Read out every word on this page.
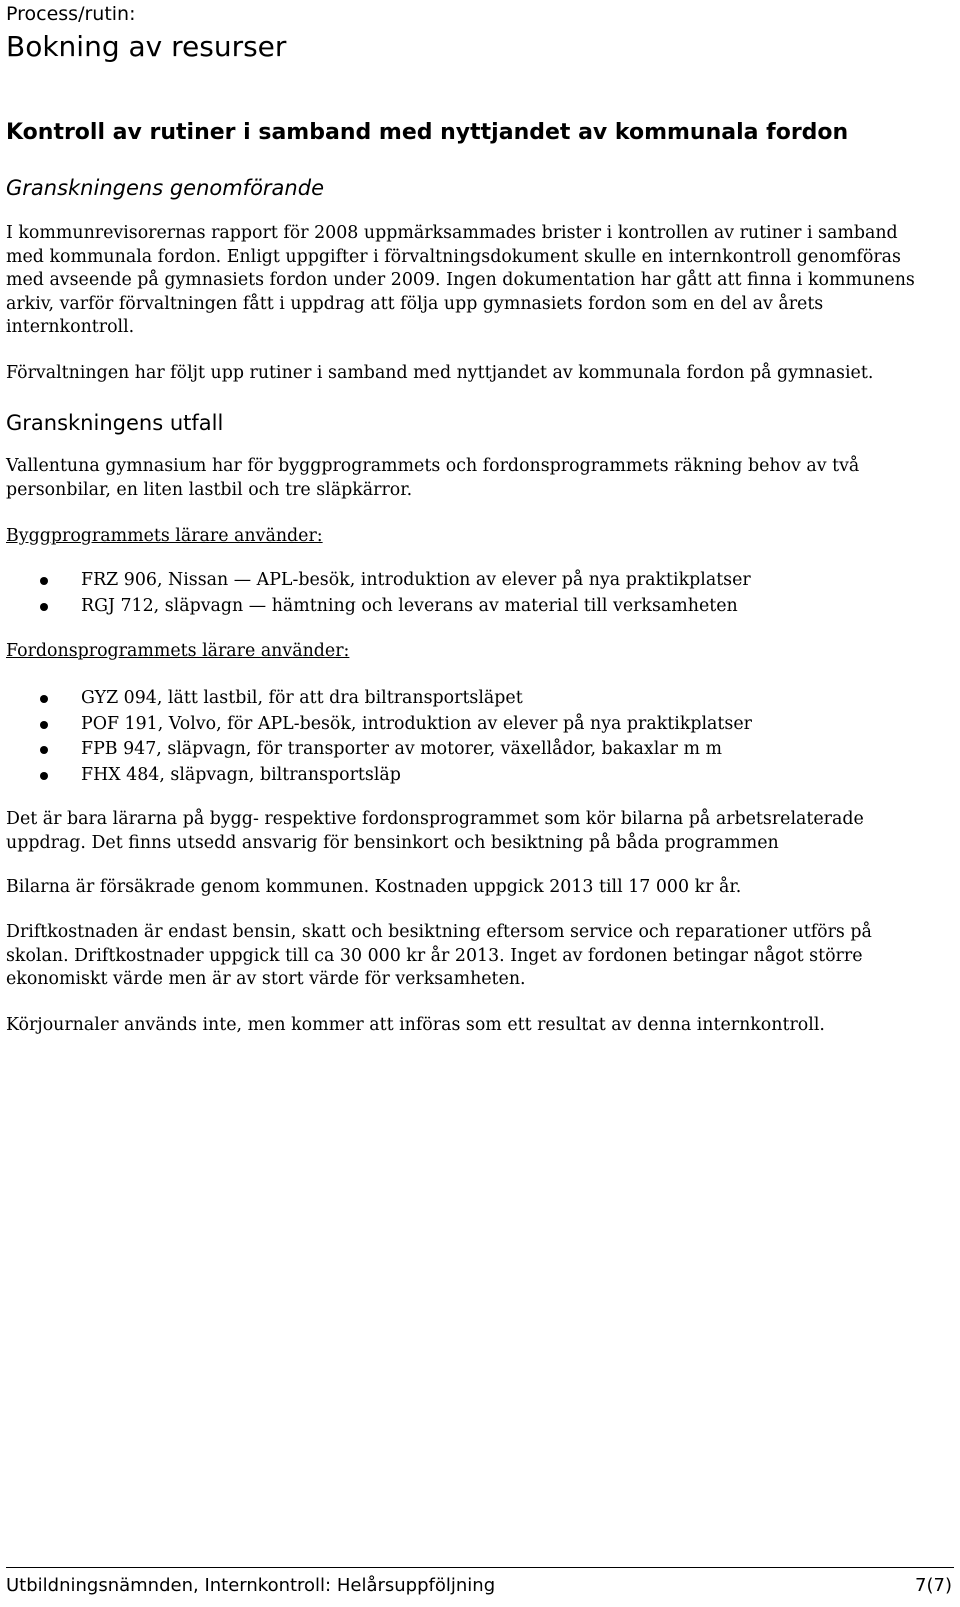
Process/rutin:
Bokning av resurser
Kontroll av rutiner i samband med nyttjandet av kommunala fordon
Granskningens genomförande

I kommunrevisorernas rapport för 2008 uppmärksammades brister i kontrollen av rutiner i samband med kommunala fordon. Enligt uppgifter i förvaltningsdokument skulle en internkontroll genomföras med avseende på gymnasiets fordon under 2009. Ingen dokumentation har gått att finna i kommunens arkiv, varför förvaltningen fått i uppdrag att följa upp gymnasiets fordon som en del av årets internkontroll.

Förvaltningen har följt upp rutiner i samband med nyttjandet av kommunala fordon på gymnasiet.

Granskningens utfall

Vallentuna gymnasium har för byggprogrammets och fordonsprogrammets räkning behov av två personbilar, en liten lastbil och tre släpkärror.

Byggprogrammets lärare använder:
FRZ 906, Nissan — APL-besök, introduktion av elever på nya praktikplatser
RGJ 712, släpvagn — hämtning och leverans av material till verksamheten
Fordonsprogrammets lärare använder:
GYZ 094, lätt lastbil, för att dra biltransportsläpet
POF 191, Volvo, för APL-besök, introduktion av elever på nya praktikplatser
FPB 947, släpvagn, för transporter av motorer, växellådor, bakaxlar m m
FHX 484, släpvagn, biltransportsläp

Det är bara lärarna på bygg- respektive fordonsprogrammet som kör bilarna på arbetsrelaterade uppdrag. Det finns utsedd ansvarig för bensinkort och besiktning på båda programmen

Bilarna är försäkrade genom kommunen. Kostnaden uppgick 2013 till 17 000 kr år.

Driftkostnaden är endast bensin, skatt och besiktning eftersom service och reparationer utförs på skolan. Driftkostnader uppgick till ca 30 000 kr år 2013. Inget av fordonen betingar något större ekonomiskt värde men är av stort värde för verksamheten.

Körjournaler används inte, men kommer att införas som ett resultat av denna internkontroll.

Utbildningsnämnden, Internkontroll: Helårsuppföljning	7(7)
